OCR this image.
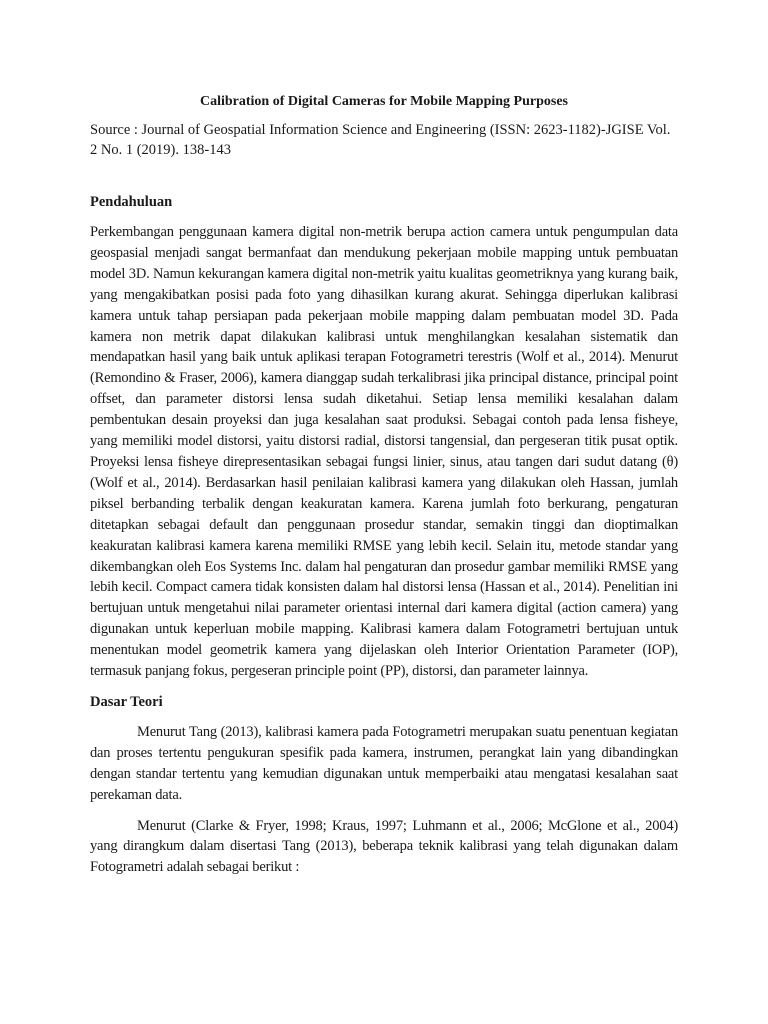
Calibration of Digital Cameras for Mobile Mapping Purposes
Source : Journal of Geospatial Information Science and Engineering (ISSN: 2623-1182)-JGISE Vol. 2 No. 1 (2019). 138-143
Pendahuluan

Perkembangan penggunaan kamera digital non-metrik berupa action camera untuk pengumpulan data geospasial menjadi sangat bermanfaat dan mendukung pekerjaan mobile mapping untuk pembuatan model 3D. Namun kekurangan kamera digital non-metrik yaitu kualitas geometriknya yang kurang baik, yang mengakibatkan posisi pada foto yang dihasilkan kurang akurat. Sehingga diperlukan kalibrasi kamera untuk tahap persiapan pada pekerjaan mobile mapping dalam pembuatan model 3D. Pada kamera non metrik dapat dilakukan kalibrasi untuk menghilangkan kesalahan sistematik dan mendapatkan hasil yang baik untuk aplikasi terapan Fotogrametri terestris (Wolf et al., 2014). Menurut (Remondino & Fraser, 2006), kamera dianggap sudah terkalibrasi jika principal distance, principal point offset, dan parameter distorsi lensa sudah diketahui. Setiap lensa memiliki kesalahan dalam pembentukan desain proyeksi dan juga kesalahan saat produksi. Sebagai contoh pada lensa fisheye, yang memiliki model distorsi, yaitu distorsi radial, distorsi tangensial, dan pergeseran titik pusat optik. Proyeksi lensa fisheye direpresentasikan sebagai fungsi linier, sinus, atau tangen dari sudut datang (θ) (Wolf et al., 2014). Berdasarkan hasil penilaian kalibrasi kamera yang dilakukan oleh Hassan, jumlah piksel berbanding terbalik dengan keakuratan kamera. Karena jumlah foto berkurang, pengaturan ditetapkan sebagai default dan penggunaan prosedur standar, semakin tinggi dan dioptimalkan keakuratan kalibrasi kamera karena memiliki RMSE yang lebih kecil. Selain itu, metode standar yang dikembangkan oleh Eos Systems Inc. dalam hal pengaturan dan prosedur gambar memiliki RMSE yang lebih kecil. Compact camera tidak konsisten dalam hal distorsi lensa (Hassan et al., 2014). Penelitian ini bertujuan untuk mengetahui nilai parameter orientasi internal dari kamera digital (action camera) yang digunakan untuk keperluan mobile mapping. Kalibrasi kamera dalam Fotogrametri bertujuan untuk menentukan model geometrik kamera yang dijelaskan oleh Interior Orientation Parameter (IOP), termasuk panjang fokus, pergeseran principle point (PP), distorsi, dan parameter lainnya.

Dasar Teori

Menurut Tang (2013), kalibrasi kamera pada Fotogrametri merupakan suatu penentuan kegiatan dan proses tertentu pengukuran spesifik pada kamera, instrumen, perangkat lain yang dibandingkan dengan standar tertentu yang kemudian digunakan untuk memperbaiki atau mengatasi kesalahan saat perekaman data.

Menurut (Clarke & Fryer, 1998; Kraus, 1997; Luhmann et al., 2006; McGlone et al., 2004) yang dirangkum dalam disertasi Tang (2013), beberapa teknik kalibrasi yang telah digunakan dalam Fotogrametri adalah sebagai berikut :
